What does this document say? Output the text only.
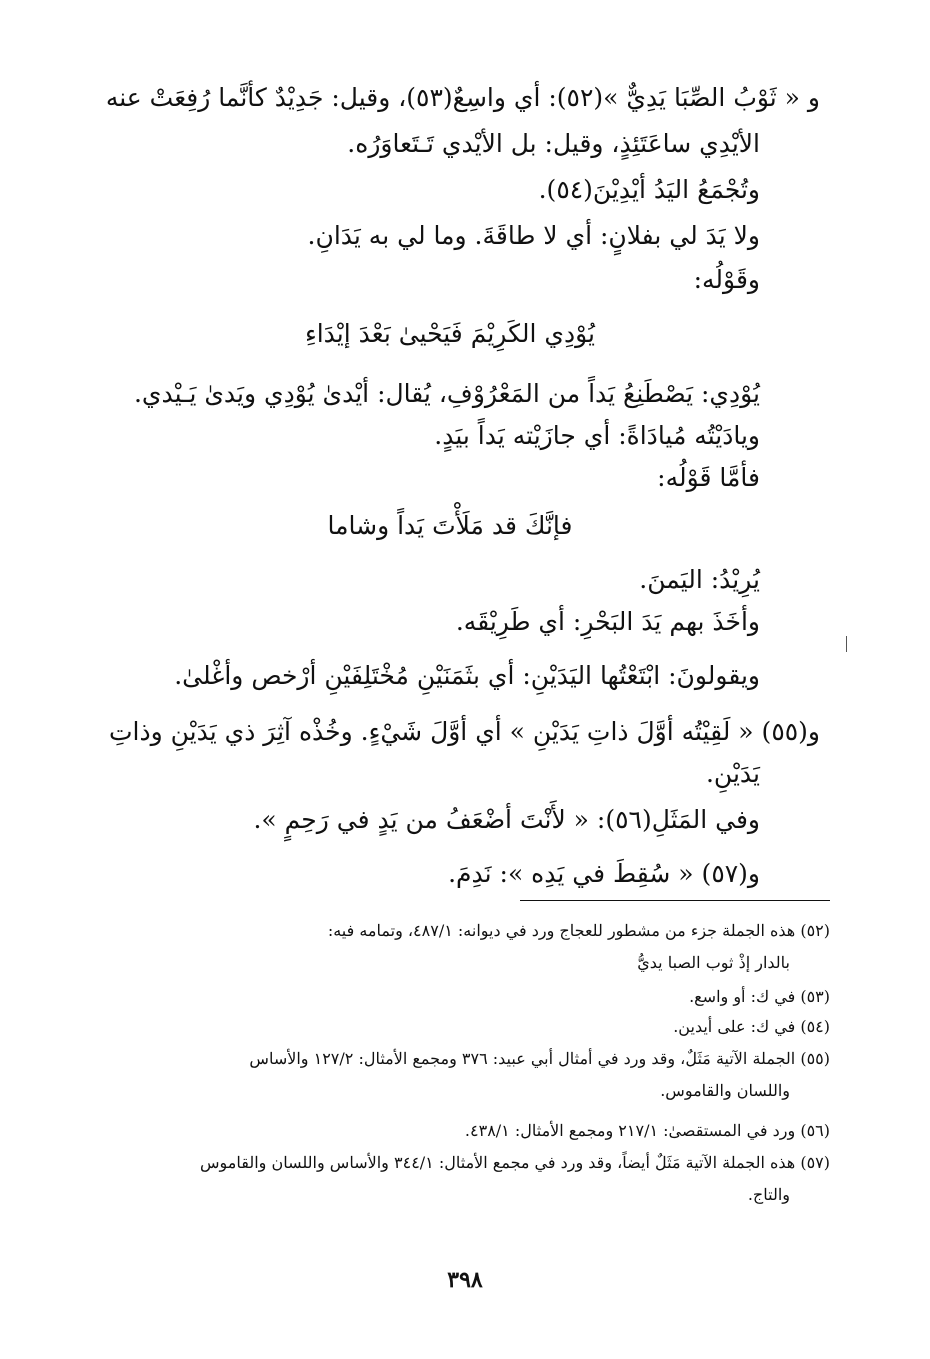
و « ثَوْبُ الصِّبَا يَدِيٌّ »(٥٢): أي واسِعٌ(٥٣)، وقيل: جَدِيْدٌ كأنَّما رُفِعَتْ عنه
الأيْدِي ساعَتَئِذٍ، وقيل: بل الأيْدي تَـتَعاوَرُه.
وتُجْمَعُ اليَدُ أيْدِيْنَ(٥٤).
ولا يَدَ لي بفلانٍ: أي لا طاقَةَ. وما لي به يَدَانِ.
وقَوْلُه:
يُوْدِي الكَرِيْمَ فَيَحْيىٰ بَعْدَ إيْدَاءِ
يُوْدِي: يَصْطَنِعُ يَداً من المَعْرُوْفِ، يُقال: أيْدىٰ يُوْدِي ويَدىٰ يَـيْدي.
ويادَيْتُه مُيادَاةً: أي جازَيْته يَداً بيَدٍ.
فأمَّا قَوْلُه:
فإنَّكَ قد مَلَأْتَ يَداً وشاما
يُرِيْدُ: اليَمنَ.
وأخَذَ بهم يَدَ البَحْرِ: أي طَرِيْقَه.
ويقولونَ: ابْتَعْتُها اليَدَيْنِ: أي بثَمَنَيْنِ مُخْتَلِفَيْنِ أرْخص وأغْلىٰ.
و(٥٥) « لَقِيْتُه أوَّلَ ذاتِ يَدَيْنِ » أي أوَّلَ شَيْءٍ. وخُذْه آثِرَ ذي يَدَيْنِ وذاتِ
يَدَيْنِ.
وفي المَثَلِ(٥٦): « لأَنْتَ أضْعَفُ من يَدٍ في رَحِمٍ ».
و(٥٧) « سُقِطَ في يَدِه »: نَدِمَ.
(٥٢) هذه الجملة جزء من مشطور للعجاج ورد في ديوانه: ٤٨٧/١، وتمامه فيه:
بالدار إذْ ثوب الصبا يديُّ
(٥٣) في ك: أو واسع.
(٥٤) في ك: على أيدين.
(٥٥) الجملة الآتية مَثَلٌ، وقد ورد في أمثال أبي عبيد: ٣٧٦ ومجمع الأمثال: ١٢٧/٢ والأساس
واللسان والقاموس.
(٥٦) ورد في المستقصىٰ: ٢١٧/١ ومجمع الأمثال: ٤٣٨/١.
(٥٧) هذه الجملة الآتية مَثَلٌ أيضاً، وقد ورد في مجمع الأمثال: ٣٤٤/١ والأساس واللسان والقاموس
والتاج.
٣٩٨
